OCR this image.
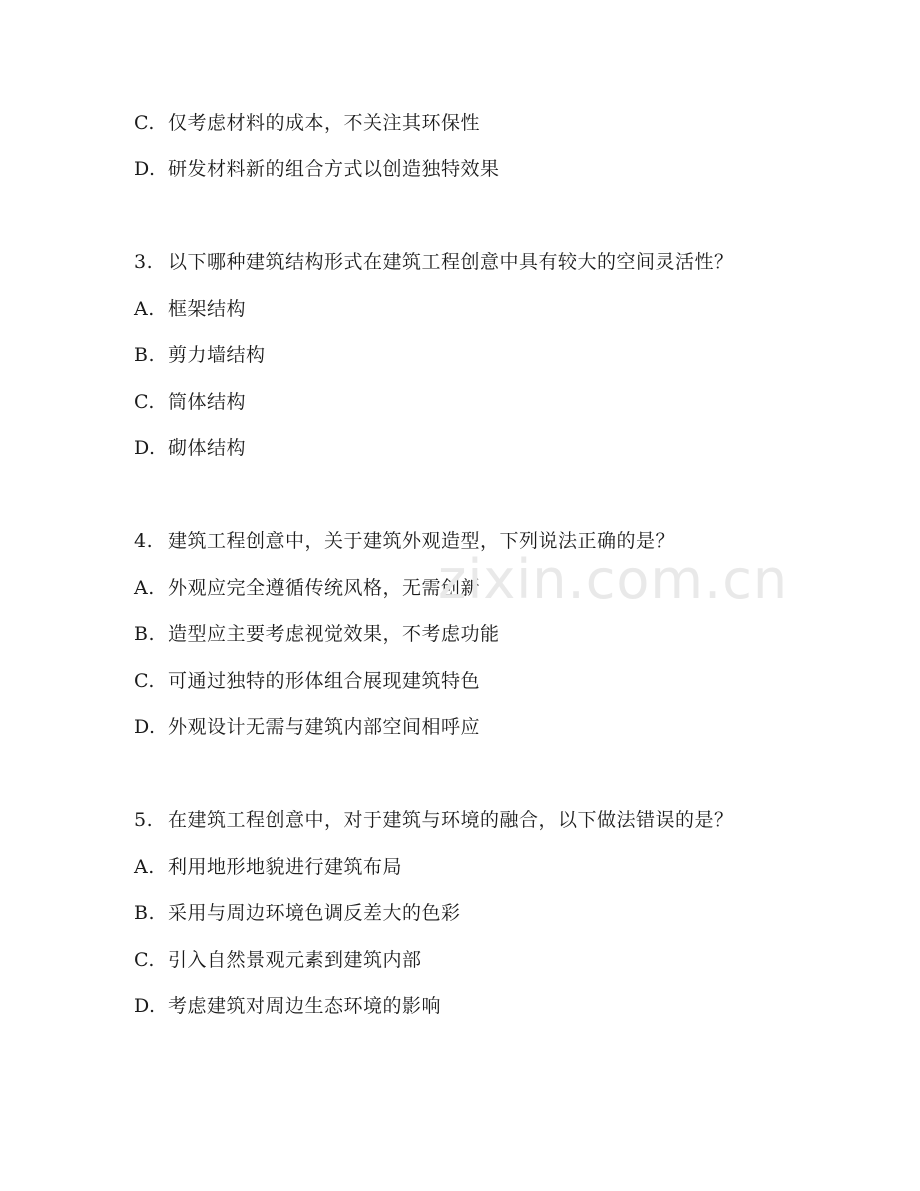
C. 仅考虑材料的成本，不关注其环保性
D. 研发材料新的组合方式以创造独特效果
3. 以下哪种建筑结构形式在建筑工程创意中具有较大的空间灵活性？
A. 框架结构
B. 剪力墙结构
C. 筒体结构
D. 砌体结构
4. 建筑工程创意中，关于建筑外观造型，下列说法正确的是？
A. 外观应完全遵循传统风格，无需创新
B. 造型应主要考虑视觉效果，不考虑功能
C. 可通过独特的形体组合展现建筑特色
D. 外观设计无需与建筑内部空间相呼应
5. 在建筑工程创意中，对于建筑与环境的融合，以下做法错误的是？
A. 利用地形地貌进行建筑布局
B. 采用与周边环境色调反差大的色彩
C. 引入自然景观元素到建筑内部
D. 考虑建筑对周边生态环境的影响
zixin.com.cn
